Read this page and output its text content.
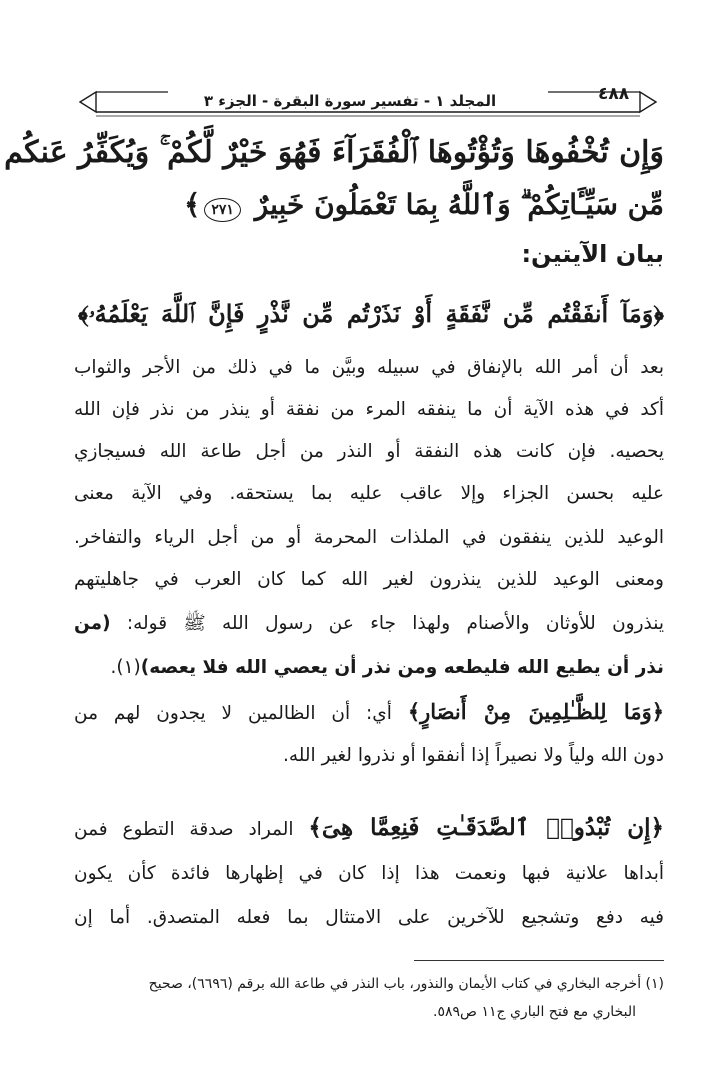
٤٨٨
المجلد ١ - تفسير سورة البقرة - الجزء ٣
وَإِن تُخْفُوهَا وَتُؤْتُوهَا ٱلْفُقَرَآءَ فَهُوَ خَيْرٌ لَّكُمْ ۚ وَيُكَفِّرُ عَنكُم
مِّن سَيِّـَٔاتِكُمْ ۗ وَٱللَّهُ بِمَا تَعْمَلُونَ خَبِيرٌ ٢٧١﴾
بيان الآيتين:
﴿وَمَآ أَنفَقْتُم مِّن نَّفَقَةٍ أَوْ نَذَرْتُم مِّن نَّذْرٍ فَإِنَّ ٱللَّهَ يَعْلَمُهُۥ﴾
بعد أن أمر الله بالإنفاق في سبيله وبيَّن ما في ذلك من الأجر والثواب
أكد في هذه الآية أن ما ينفقه المرء من نفقة أو ينذر من نذر فإن الله
يحصيه. فإن كانت هذه النفقة أو النذر من أجل طاعة الله فسيجازي
عليه بحسن الجزاء وإلا عاقب عليه بما يستحقه. وفي الآية معنى
الوعيد للذين ينفقون في الملذات المحرمة أو من أجل الرياء والتفاخر.
ومعنى الوعيد للذين ينذرون لغير الله كما كان العرب في جاهليتهم
ينذرون للأوثان والأصنام ولهذا جاء عن رسول الله ﷺ قوله: (من
نذر أن يطيع الله فليطعه ومن نذر أن يعصي الله فلا يعصه)(١).
﴿وَمَا لِلظَّـٰلِمِينَ مِنْ أَنصَارٍ﴾ أي: أن الظالمين لا يجدون لهم من
دون الله ولياً ولا نصيراً إذا أنفقوا أو نذروا لغير الله.
﴿إِن تُبْدُوا۟ ٱلصَّدَقَـٰتِ فَنِعِمَّا هِىَ﴾ المراد صدقة التطوع فمن
أبداها علانية فبها ونعمت هذا إذا كان في إظهارها فائدة كأن يكون
فيه دفع وتشجيع للآخرين على الامتثال بما فعله المتصدق. أما إن
(١) أخرجه البخاري في كتاب الأيمان والنذور، باب النذر في طاعة الله برقم (٦٦٩٦)، صحيح
البخاري مع فتح الباري ج١١ ص٥٨٩.
